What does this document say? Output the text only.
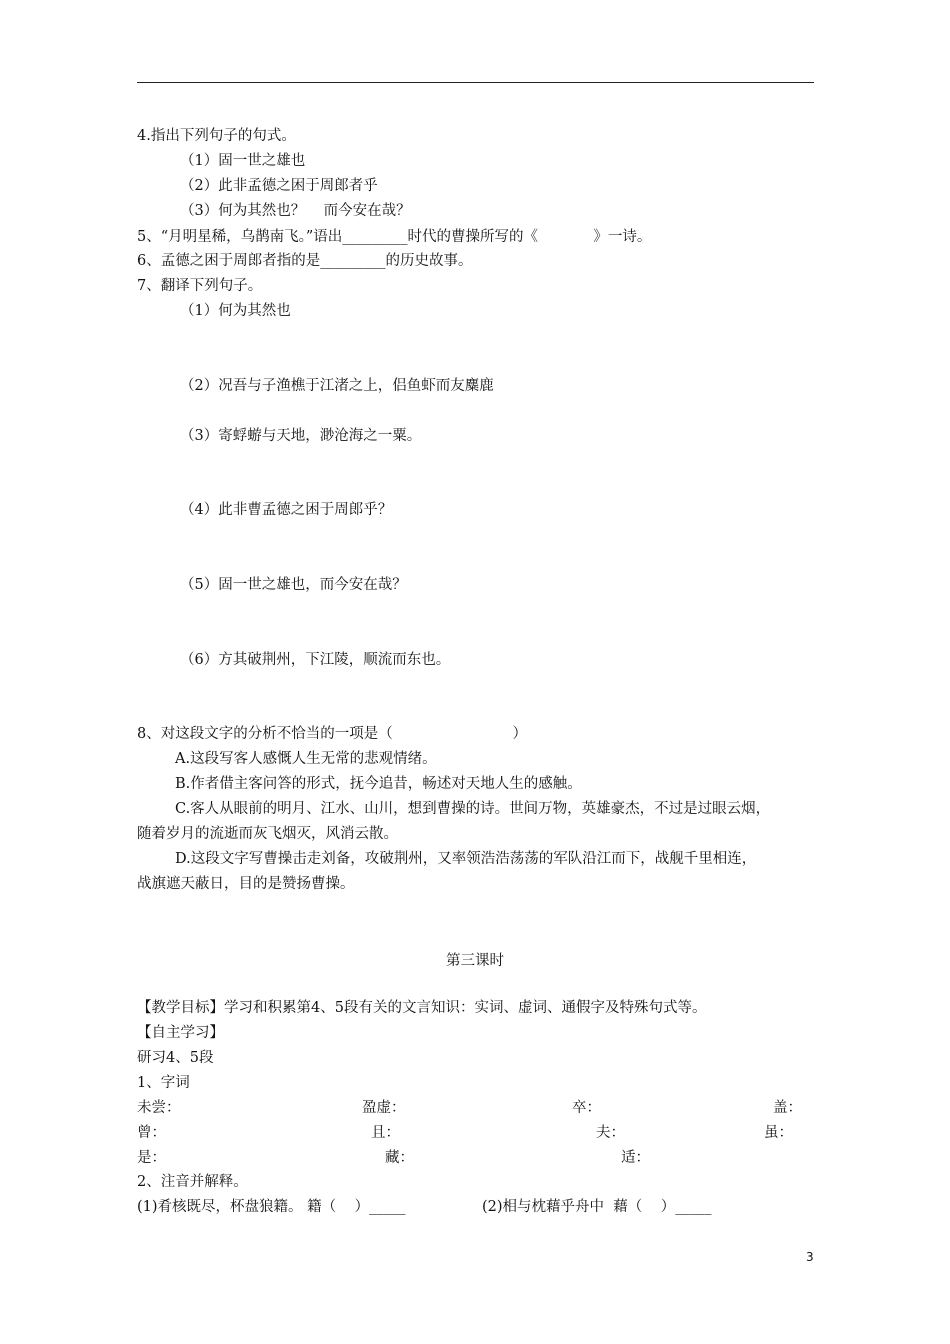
4.指出下列句子的句式。
（1）固一世之雄也
（2）此非孟德之困于周郎者乎
（3）何为其然也？    而今安在哉？
5、“月明星稀，乌鹊南飞。”语出_________时代的曹操所写的《            》一诗。
6、孟德之困于周郎者指的是_________的历史故事。
7、翻译下列句子。
（1）何为其然也
（2）况吾与子渔樵于江渚之上，侣鱼虾而友麋鹿
（3）寄蜉蝣与天地，渺沧海之一粟。
（4）此非曹孟德之困于周郎乎？
（5）固一世之雄也，而今安在哉？
（6）方其破荆州，下江陵，顺流而东也。
8、对这段文字的分析不恰当的一项是（                          ）
A.这段写客人感慨人生无常的悲观情绪。
B.作者借主客问答的形式，抚今追昔，畅述对天地人生的感触。
C.客人从眼前的明月、江水、山川，想到曹操的诗。世间万物，英雄豪杰，不过是过眼云烟，
随着岁月的流逝而灰飞烟灭，风消云散。
D.这段文字写曹操击走刘备，攻破荆州，又率领浩浩荡荡的军队沿江而下，战舰千里相连，
战旗遮天蔽日，目的是赞扬曹操。
第三课时
【教学目标】学习和积累第4、5段有关的文言知识：实词、虚词、通假字及特殊句式等。
【自主学习】
研习4、5段
1、字词
未尝：	盈虚：	卒：	盖：
曾：	且：	夫：	虽：
是：	藏：	适：
2、注音并解释。
(1)肴核既尽，杯盘狼籍。 籍（    ）_____	(2)相与枕藉乎舟中  藉（    ）_____
3
